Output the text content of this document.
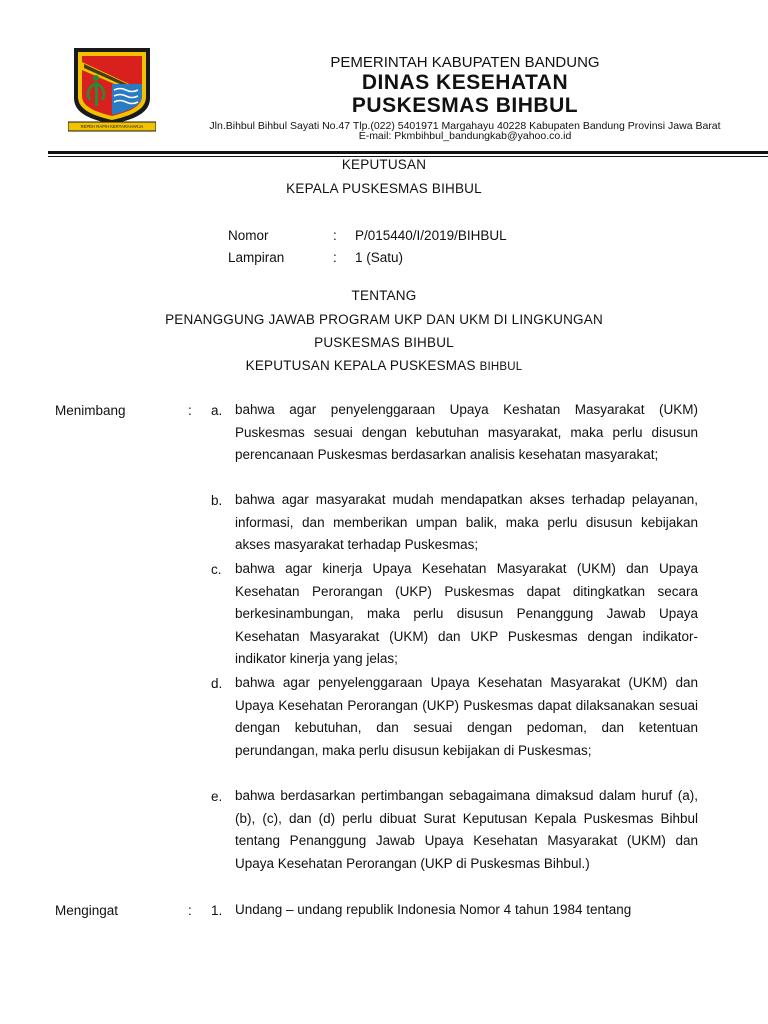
REPEH RAPIH KERTARAHARJA
PEMERINTAH KABUPATEN BANDUNG
DINAS KESEHATAN
PUSKESMAS BIHBUL
Jln.Bihbul Bihbul Sayati No.47 Tlp.(022) 5401971 Margahayu 40228 Kabupaten Bandung Provinsi Jawa Barat
E-mail: Pkmbihbul_bandungkab@yahoo.co.id
KEPUTUSAN
KEPALA PUSKESMAS BIHBUL
Nomor	: P/015440/I/2019/BIHBUL
Lampiran	: 1 (Satu)
TENTANG
PENANGGUNG JAWAB PROGRAM UKP DAN UKM DI LINGKUNGAN
PUSKESMAS BIHBUL
KEPUTUSAN KEPALA PUSKESMAS BIHBUL
Menimbang	: a. bahwa agar penyelenggaraan Upaya Keshatan Masyarakat (UKM) Puskesmas sesuai dengan kebutuhan masyarakat, maka perlu disusun perencanaan Puskesmas berdasarkan analisis kesehatan masyarakat;
b. bahwa agar masyarakat mudah mendapatkan akses terhadap pelayanan, informasi, dan memberikan umpan balik, maka perlu disusun kebijakan akses masyarakat terhadap Puskesmas;
c. bahwa agar kinerja Upaya Kesehatan Masyarakat (UKM) dan Upaya Kesehatan Perorangan (UKP) Puskesmas dapat ditingkatkan secara berkesinambungan, maka perlu disusun Penanggung Jawab Upaya Kesehatan Masyarakat (UKM) dan UKP Puskesmas dengan indikator-indikator kinerja yang jelas;
d. bahwa agar penyelenggaraan Upaya Kesehatan Masyarakat (UKM) dan Upaya Kesehatan Perorangan (UKP) Puskesmas dapat dilaksanakan sesuai dengan kebutuhan, dan sesuai dengan pedoman, dan ketentuan perundangan, maka perlu disusun kebijakan di Puskesmas;
e. bahwa berdasarkan pertimbangan sebagaimana dimaksud dalam huruf (a), (b), (c), dan (d) perlu dibuat Surat Keputusan Kepala Puskesmas Bihbul tentang Penanggung Jawab Upaya Kesehatan Masyarakat (UKM) dan Upaya Kesehatan Perorangan (UKP di Puskesmas Bihbul.)
Mengingat	: 1. Undang – undang republik Indonesia Nomor 4 tahun 1984 tentang
